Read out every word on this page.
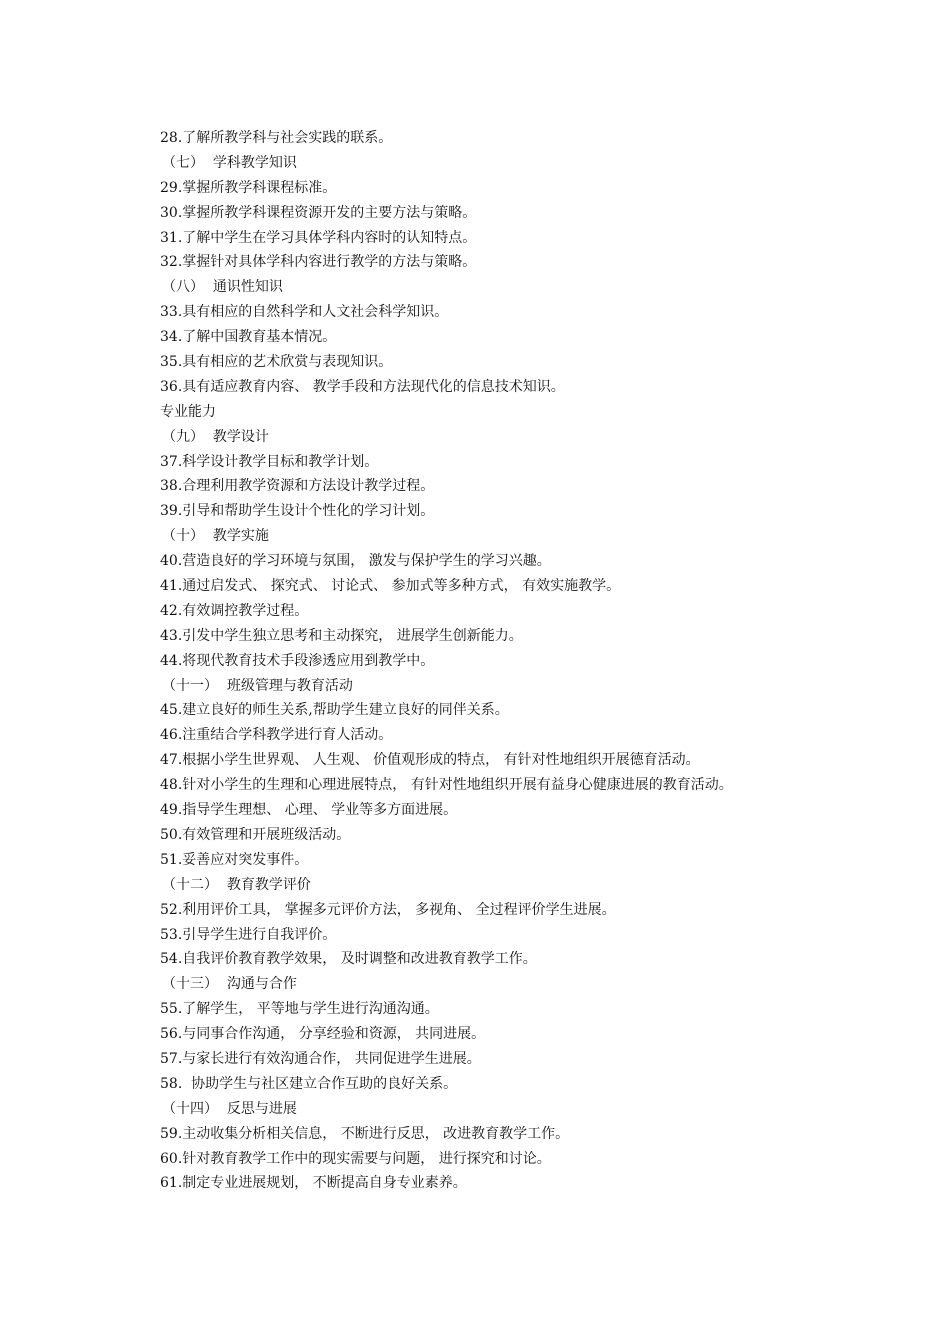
28.了解所教学科与社会实践的联系。
（七）  学科教学知识
29.掌握所教学科课程标准。
30.掌握所教学科课程资源开发的主要方法与策略。
31.了解中学生在学习具体学科内容时的认知特点。
32.掌握针对具体学科内容进行教学的方法与策略。
（八）  通识性知识
33.具有相应的自然科学和人文社会科学知识。
34.了解中国教育基本情况。
35.具有相应的艺术欣赏与表现知识。
36.具有适应教育内容、 教学手段和方法现代化的信息技术知识。
专业能力
（九）  教学设计
37.科学设计教学目标和教学计划。
38.合理利用教学资源和方法设计教学过程。
39.引导和帮助学生设计个性化的学习计划。
（十）  教学实施
40.营造良好的学习环境与氛围， 激发与保护学生的学习兴趣。
41.通过启发式、 探究式、 讨论式、 参加式等多种方式， 有效实施教学。
42.有效调控教学过程。
43.引发中学生独立思考和主动探究， 进展学生创新能力。
44.将现代教育技术手段渗透应用到教学中。
（十一）  班级管理与教育活动
45.建立良好的师生关系,帮助学生建立良好的同伴关系。
46.注重结合学科教学进行育人活动。
47.根据小学生世界观、 人生观、 价值观形成的特点， 有针对性地组织开展德育活动。
48.针对小学生的生理和心理进展特点， 有针对性地组织开展有益身心健康进展的教育活动。
49.指导学生理想、 心理、 学业等多方面进展。
50.有效管理和开展班级活动。
51.妥善应对突发事件。
（十二）  教育教学评价
52.利用评价工具， 掌握多元评价方法， 多视角、 全过程评价学生进展。
53.引导学生进行自我评价。
54.自我评价教育教学效果， 及时调整和改进教育教学工作。
（十三）  沟通与合作
55.了解学生， 平等地与学生进行沟通沟通。
56.与同事合作沟通， 分享经验和资源， 共同进展。
57.与家长进行有效沟通合作， 共同促进学生进展。
58.  协助学生与社区建立合作互助的良好关系。
（十四）  反思与进展
59.主动收集分析相关信息， 不断进行反思， 改进教育教学工作。
60.针对教育教学工作中的现实需要与问题， 进行探究和讨论。
61.制定专业进展规划， 不断提高自身专业素养。
